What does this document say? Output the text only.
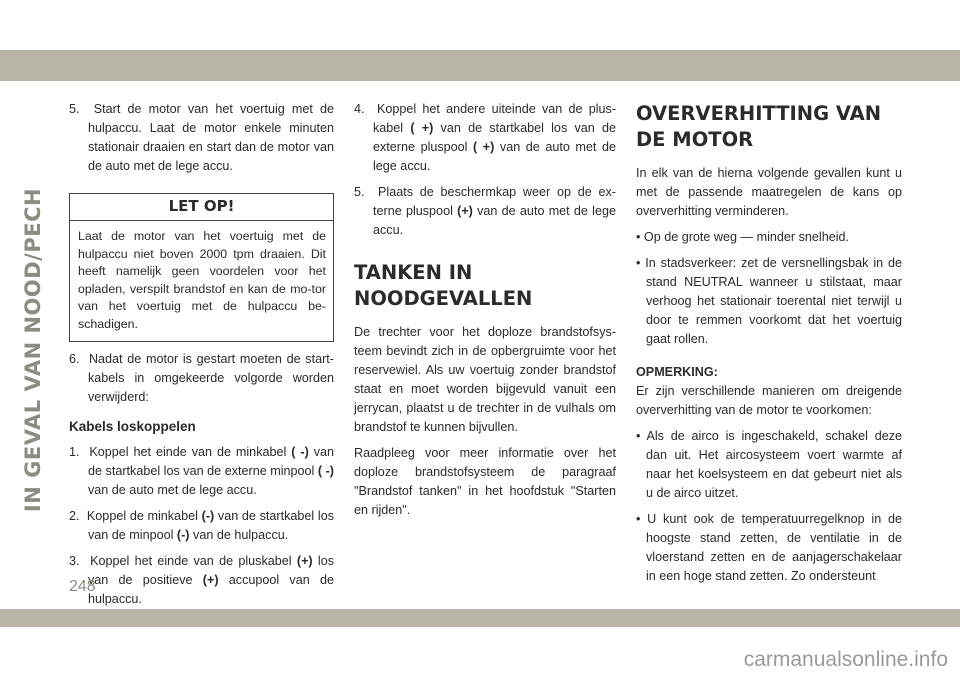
IN GEVAL VAN NOOD/PECH
5. Start de motor van het voertuig met de hulpaccu. Laat de motor enkele minuten stationair draaien en start dan de motor van de auto met de lege accu.
LET OP!
Laat de motor van het voertuig met de hulpaccu niet boven 2000 tpm draaien. Dit heeft namelijk geen voordelen voor het opladen, verspilt brandstof en kan de mo-tor van het voertuig met de hulpaccu be-schadigen.
6. Nadat de motor is gestart moeten de start-kabels in omgekeerde volgorde worden verwijderd:
Kabels loskoppelen
1. Koppel het einde van de minkabel ( -) van de startkabel los van de externe minpool ( -) van de auto met de lege accu.
2. Koppel de minkabel (-) van de startkabel los van de minpool (-) van de hulpaccu.
3. Koppel het einde van de pluskabel (+) los van de positieve (+) accupool van de hulpaccu.
4. Koppel het andere uiteinde van de plus-kabel ( +) van de startkabel los van de externe pluspool ( +) van de auto met de lege accu.
5. Plaats de beschermkap weer op de ex-terne pluspool (+) van de auto met de lege accu.
TANKEN IN NOODGEVALLEN

De trechter voor het doploze brandstofsys-teem bevindt zich in de opbergruimte voor het reservewiel. Als uw voertuig zonder brandstof staat en moet worden bijgevuld vanuit een jerrycan, plaatst u de trechter in de vulhals om brandstof te kunnen bijvullen.

Raadpleeg voor meer informatie over het doploze brandstofsysteem de paragraaf "Brandstof tanken" in het hoofdstuk "Starten en rijden".

OVERVERHITTING VAN DE MOTOR

In elk van de hierna volgende gevallen kunt u met de passende maatregelen de kans op oververhitting verminderen.

• Op de grote weg — minder snelheid.

• In stadsverkeer: zet de versnellingsbak in de stand NEUTRAL wanneer u stilstaat, maar verhoog het stationair toerental niet terwijl u door te remmen voorkomt dat het voertuig gaat rollen.

OPMERKING:

Er zijn verschillende manieren om dreigende oververhitting van de motor te voorkomen:

• Als de airco is ingeschakeld, schakel deze dan uit. Het aircosysteem voert warmte af naar het koelsysteem en dat gebeurt niet als u de airco uitzet.

• U kunt ook de temperatuurregelknop in de hoogste stand zetten, de ventilatie in de vloerstand zetten en de aanjagerschakelaar in een hoge stand zetten. Zo ondersteunt

248
carmanualsonline.info
